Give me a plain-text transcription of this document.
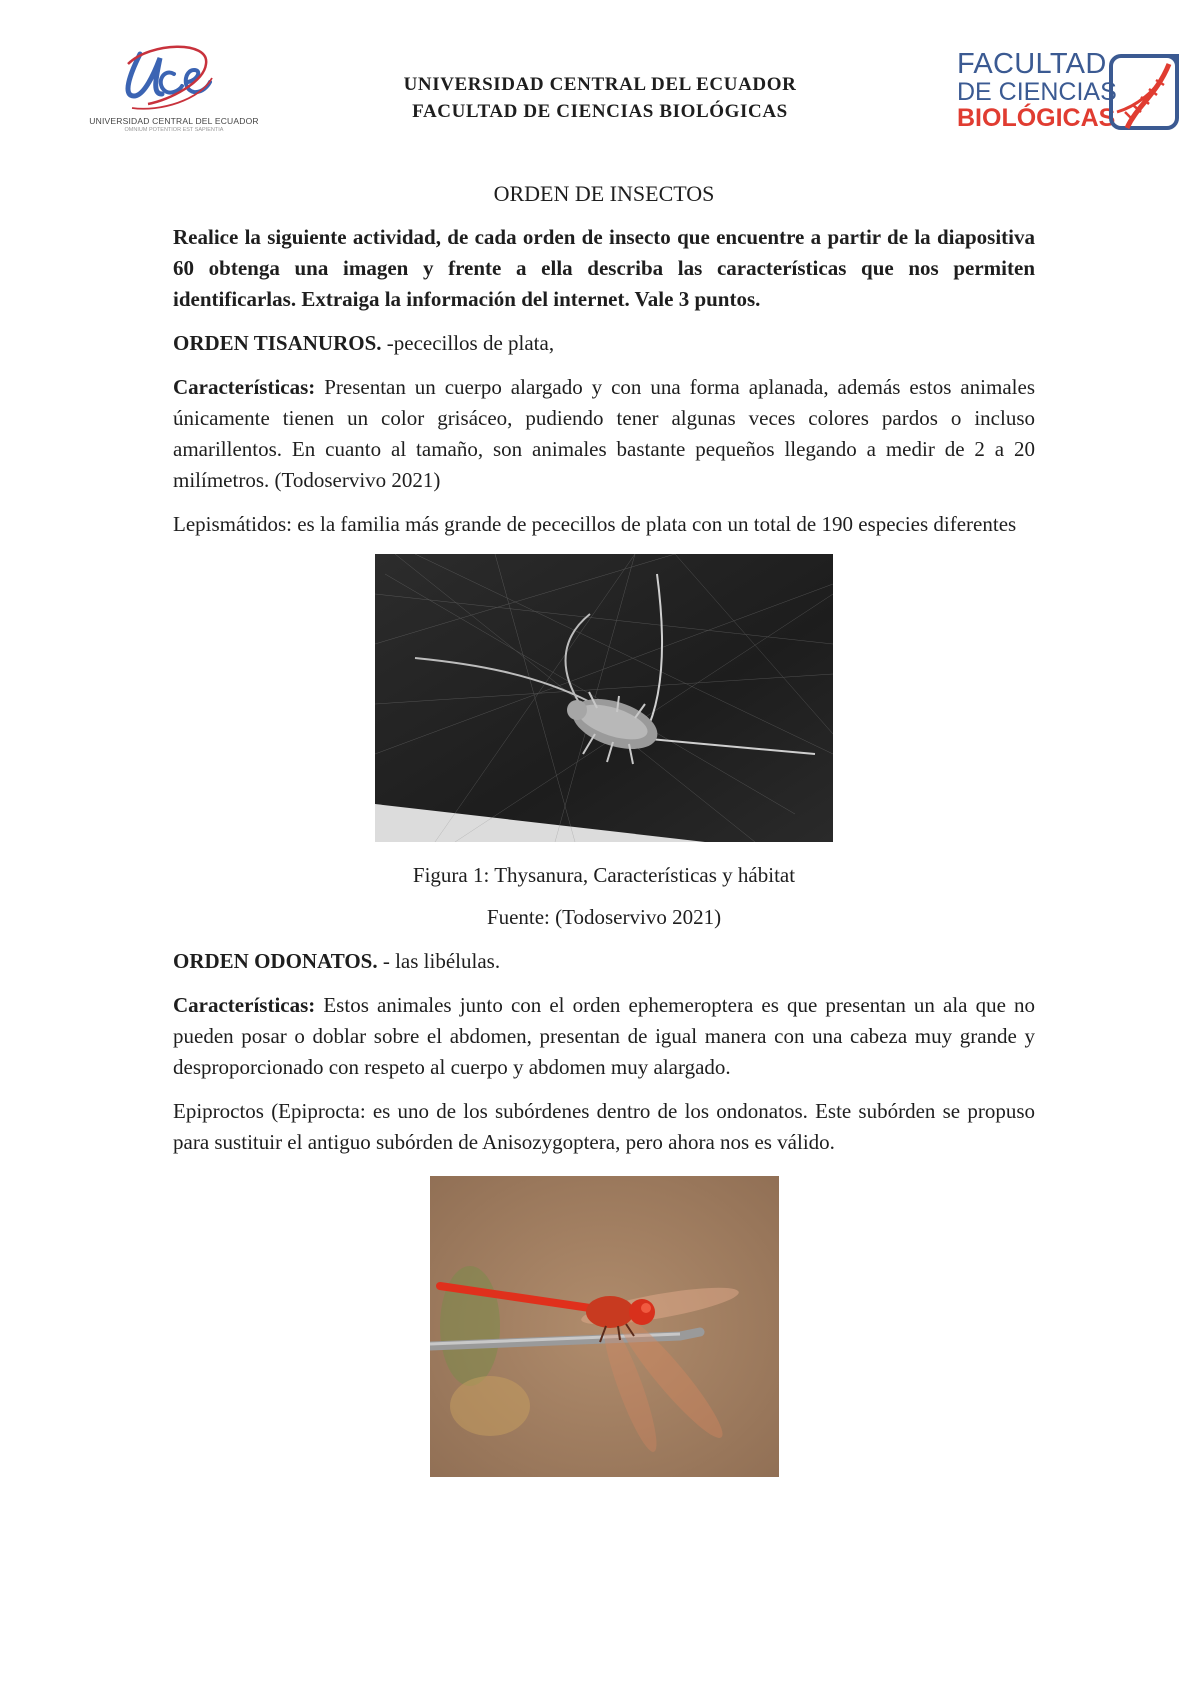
UNIVERSIDAD CENTRAL DEL ECUADOR
OMNIUM POTENTIOR EST SAPIENTIA
UNIVERSIDAD CENTRAL DEL ECUADOR
FACULTAD DE CIENCIAS BIOLÓGICAS
FACULTAD
DE CIENCIAS
BIOLÓGICAS

ORDEN DE INSECTOS

Realice la siguiente actividad, de cada orden de insecto que encuentre a partir de la diapositiva 60 obtenga una imagen y frente a ella describa las características que nos permiten identificarlas. Extraiga la información del internet. Vale 3 puntos.

ORDEN TISANUROS. -pececillos de plata,

Características: Presentan un cuerpo alargado y con una forma aplanada, además estos animales únicamente tienen un color grisáceo, pudiendo tener algunas veces colores pardos o incluso amarillentos. En cuanto al tamaño, son animales bastante pequeños llegando a medir de 2 a 20 milímetros. (Todoservivo 2021)

Lepismátidos: es la familia más grande de pececillos de plata con un total de 190 especies diferentes

Figura 1: Thysanura, Características y hábitat

Fuente: (Todoservivo 2021)

ORDEN ODONATOS. - las libélulas.

Características: Estos animales junto con el orden ephemeroptera es que presentan un ala que no pueden posar o doblar sobre el abdomen, presentan de igual manera con una cabeza muy grande y desproporcionado con respeto al cuerpo y abdomen muy alargado.

Epiproctos (Epiprocta: es uno de los subórdenes dentro de los ondonatos. Este subórden se propuso para sustituir el antiguo subórden de Anisozygoptera, pero ahora nos es válido.
